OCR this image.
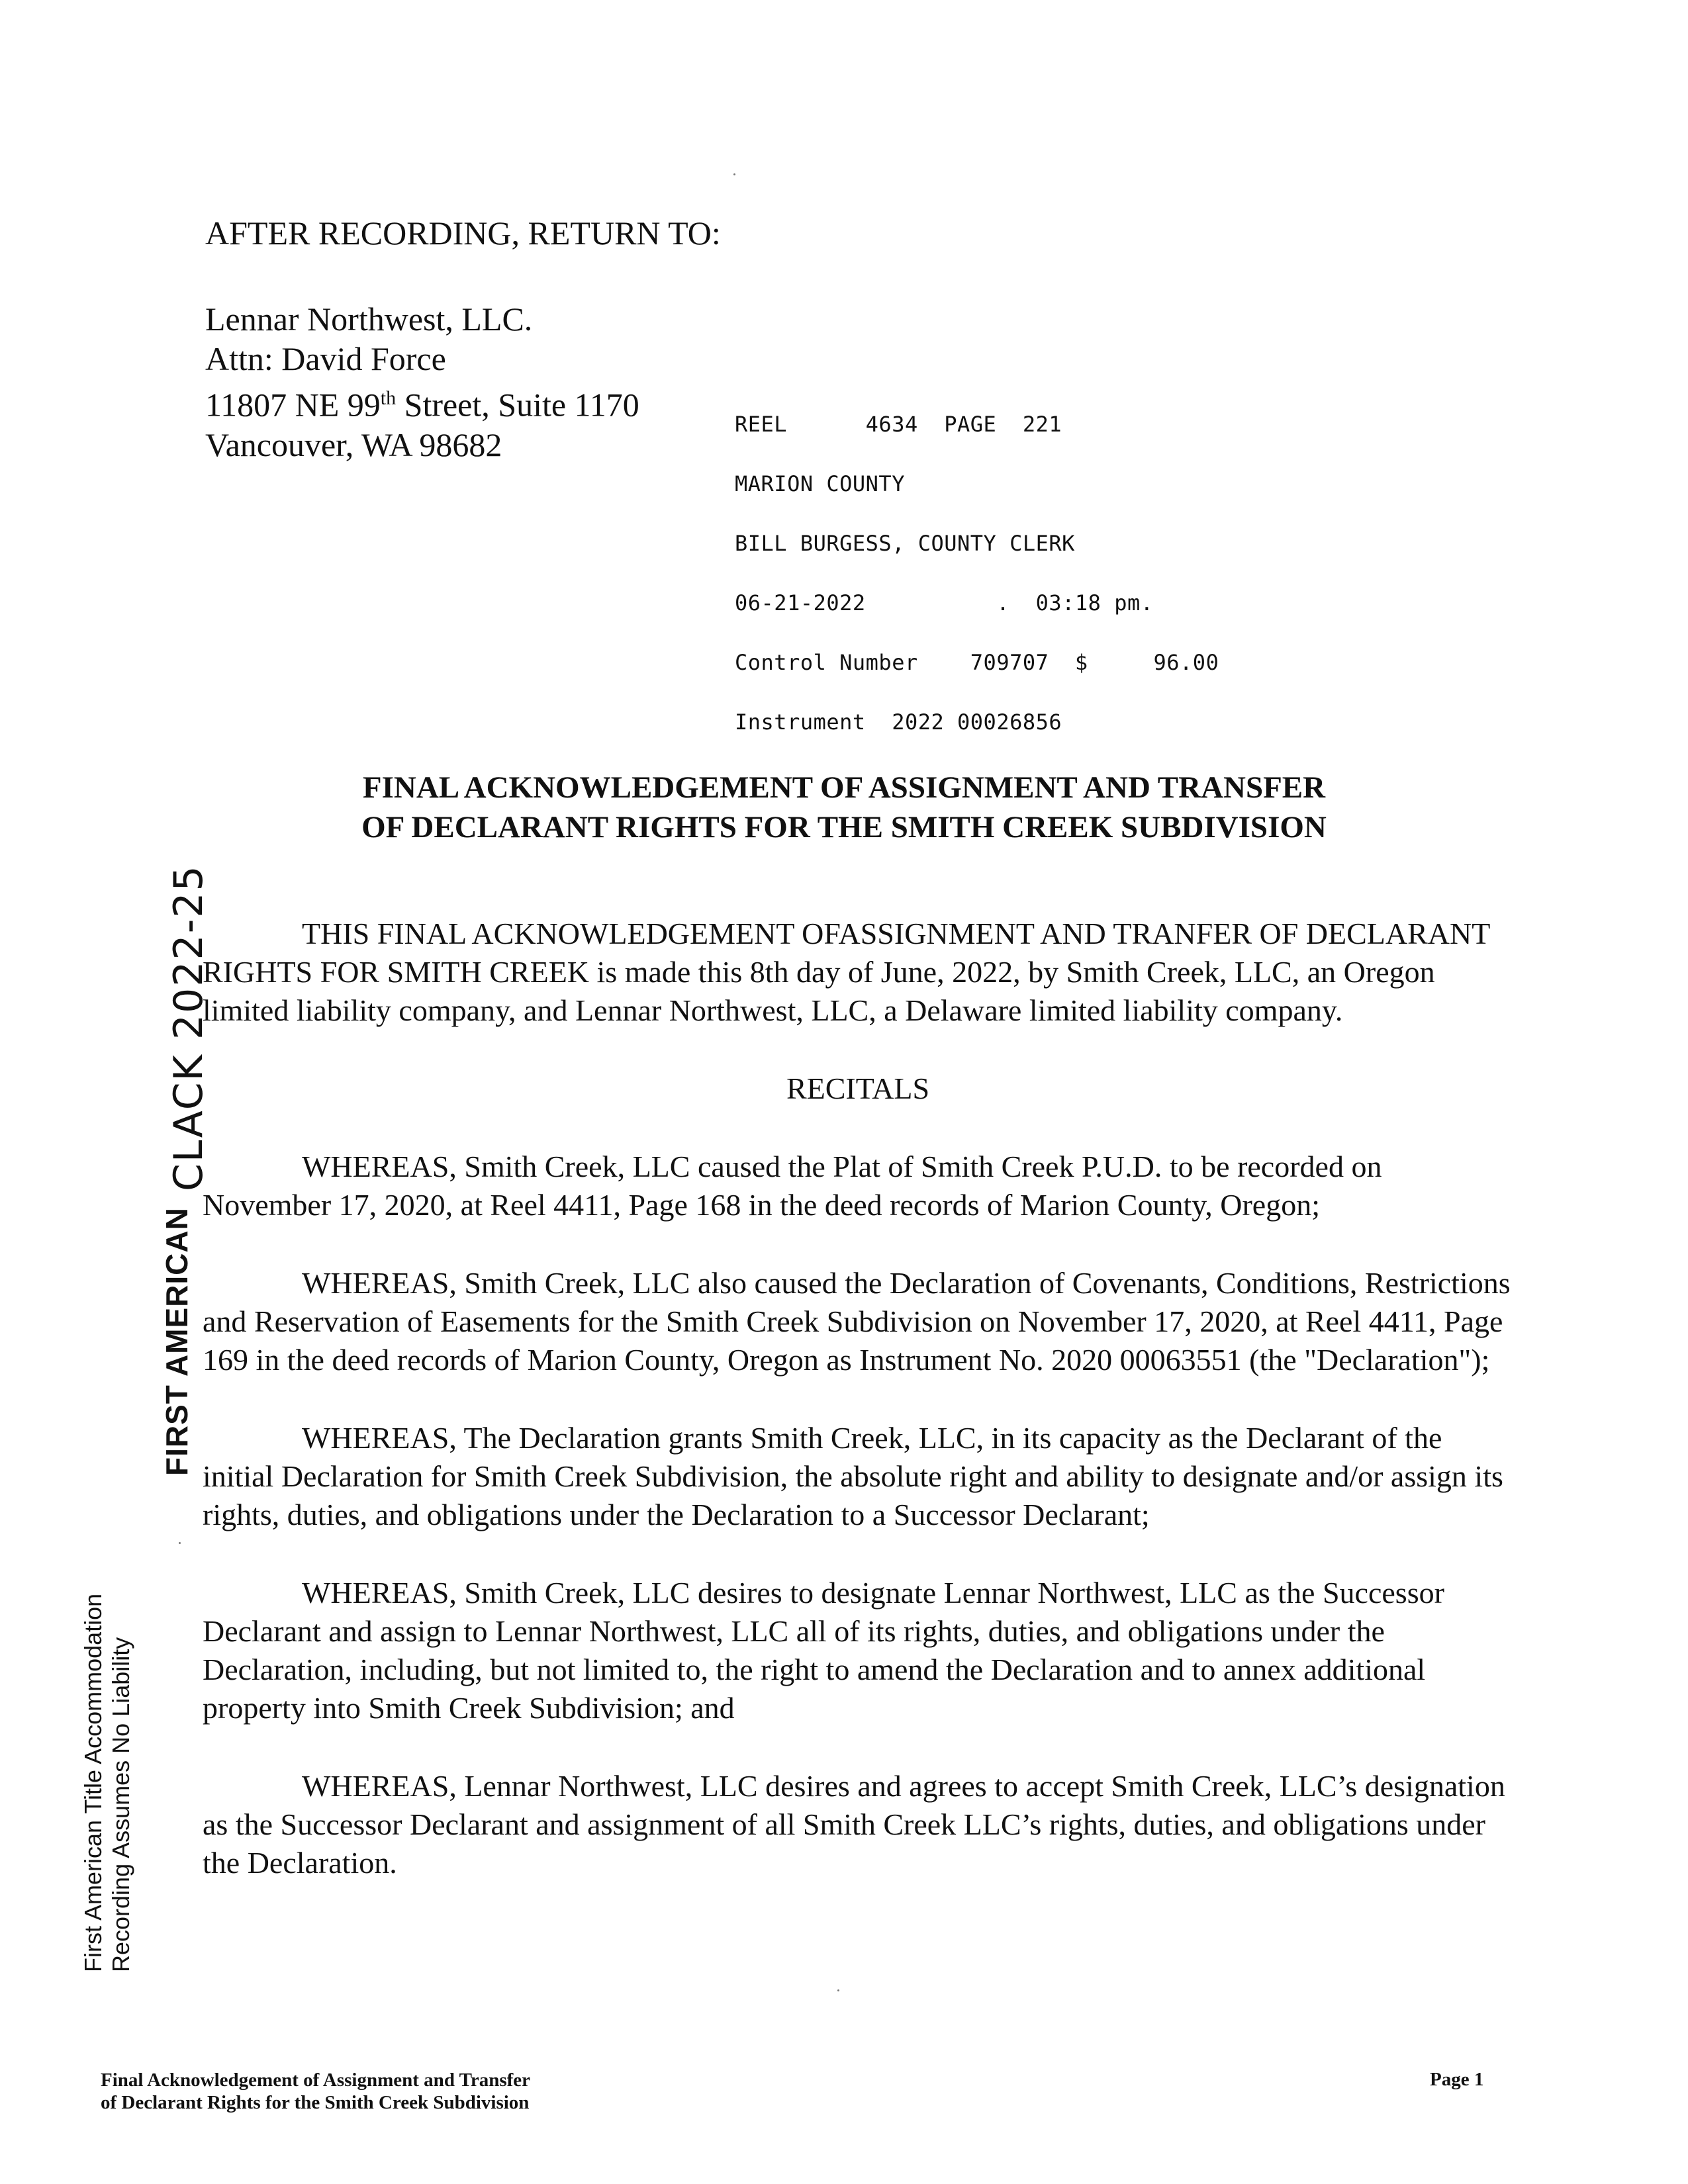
AFTER RECORDING, RETURN TO:
Lennar Northwest, LLC.
Attn: David Force
11807 NE 99th Street, Suite 1170
Vancouver, WA 98682

REEL      4634  PAGE  221

MARION COUNTY

BILL BURGESS, COUNTY CLERK

06-21-2022          .  03:18 pm.

Control Number    709707  $     96.00

Instrument  2022 00026856

FINAL ACKNOWLEDGEMENT OF ASSIGNMENT AND TRANSFER
OF DECLARANT RIGHTS FOR THE SMITH CREEK SUBDIVISION

THIS FINAL ACKNOWLEDGEMENT OFASSIGNMENT AND TRANFER OF DECLARANT RIGHTS FOR SMITH CREEK is made this 8th day of June, 2022, by Smith Creek, LLC, an Oregon limited liability company, and Lennar Northwest, LLC, a Delaware limited liability company.

RECITALS

WHEREAS, Smith Creek, LLC caused the Plat of Smith Creek P.U.D. to be recorded on November 17, 2020, at Reel 4411, Page 168 in the deed records of Marion County, Oregon;

WHEREAS, Smith Creek, LLC also caused the Declaration of Covenants, Conditions, Restrictions and Reservation of Easements for the Smith Creek Subdivision on November 17, 2020, at Reel 4411, Page 169 in the deed records of Marion County, Oregon as Instrument No. 2020 00063551 (the "Declaration");

WHEREAS, The Declaration grants Smith Creek, LLC, in its capacity as the Declarant of the initial Declaration for Smith Creek Subdivision, the absolute right and ability to designate and/or assign its rights, duties, and obligations under the Declaration to a Successor Declarant;

WHEREAS, Smith Creek, LLC desires to designate Lennar Northwest, LLC as the Successor Declarant and assign to Lennar Northwest, LLC all of its rights, duties, and obligations under the Declaration, including, but not limited to, the right to amend the Declaration and to annex additional property into Smith Creek Subdivision; and

WHEREAS, Lennar Northwest, LLC desires and agrees to accept Smith Creek, LLC’s designation as the Successor Declarant and assignment of all Smith Creek LLC’s rights, duties, and obligations under the Declaration.

CLACK 2022-25
FIRST AMERICAN
First American Title Accommodation Recording Assumes No Liability
Final Acknowledgement of Assignment and Transfer
of Declarant Rights for the Smith Creek Subdivision
Page 1
